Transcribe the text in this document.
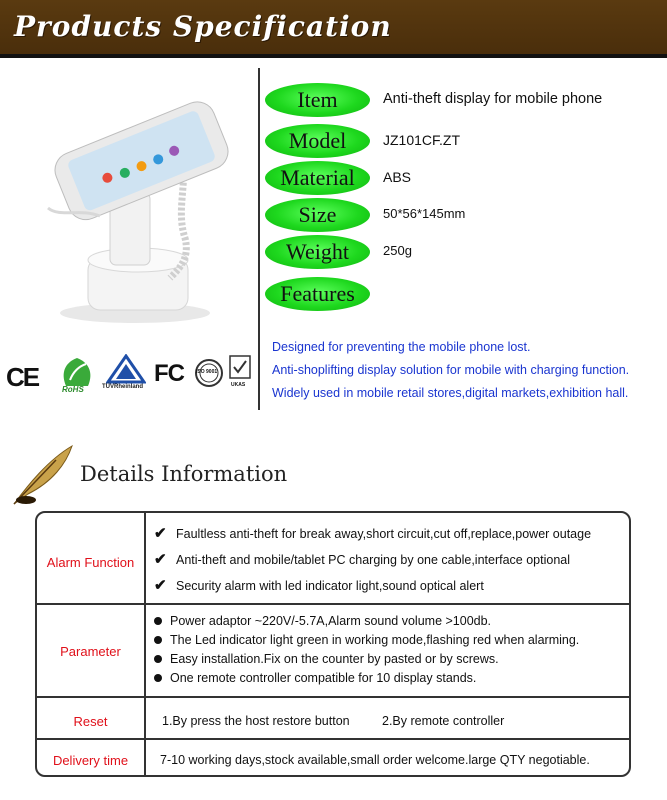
Products Specification
CE	RoHS	TÜVRheinland FC ISO 9001
UKAS
Item	Anti-theft display for mobile phone
Model	JZ101CF.ZT
Material	ABS
Size	50*56*145mm
Weight	250g
Features
Designed for preventing the mobile phone lost.
Anti-shoplifting display solution for mobile with charging function.
Widely used in mobile retail stores,digital markets,exhibition hall.
Details Information
Alarm Function
✔ Faultless anti-theft for break away,short circuit,cut off,replace,power outage
✔ Anti-theft and mobile/tablet PC charging by one cable,interface optional
✔ Security alarm with led indicator light,sound optical alert
Parameter
Power adaptor ~220V/-5.7A,Alarm sound volume >100db.
The Led indicator light green in working mode,flashing red when alarming.
Easy installation.Fix on the counter by pasted or by screws.
One remote controller compatible for 10 display stands.
Reset	1.By press the host restore button	2.By remote controller
Delivery time	7-10 working days,stock available,small order welcome.large QTY negotiable.
